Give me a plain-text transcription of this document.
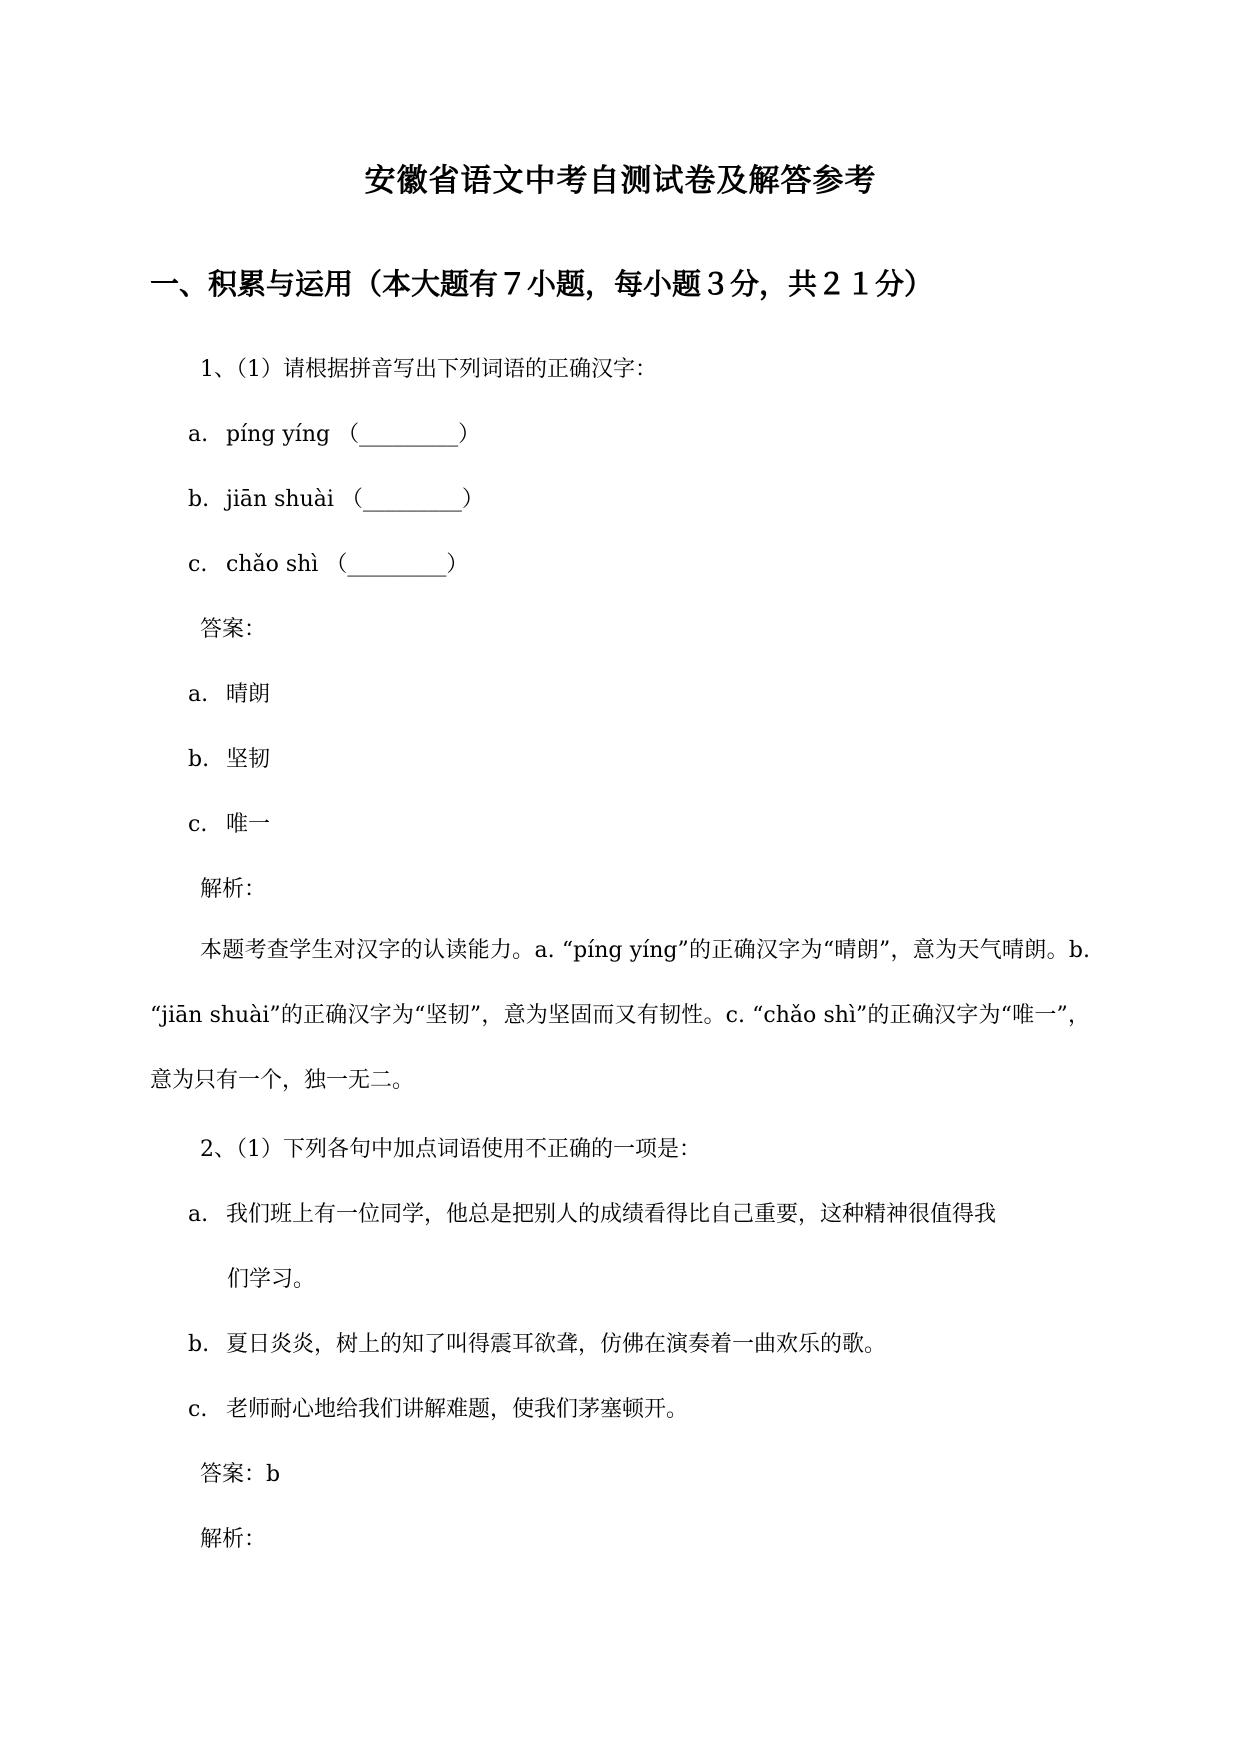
安徽省语文中考自测试卷及解答参考
一、积累与运用（本大题有７小题，每小题３分，共２１分）
1、（1）请根据拼音写出下列词语的正确汉字：
a. píng yíng （_________）
b. jiān shuài （_________）
c. chǎo shì （_________）
答案：
a. 晴朗
b. 坚韧
c. 唯一
解析：
本题考查学生对汉字的认读能力。a. “píng yíng”的正确汉字为“晴朗”，意为天气晴朗。b. “jiān shuài”的正确汉字为“坚韧”，意为坚固而又有韧性。c. “chǎo shì”的正确汉字为“唯一”，意为只有一个，独一无二。
2、（1）下列各句中加点词语使用不正确的一项是：
a. 我们班上有一位同学，他总是把别人的成绩看得比自己重要，这种精神很值得我
们学习。
b. 夏日炎炎，树上的知了叫得震耳欲聋，仿佛在演奏着一曲欢乐的歌。
c. 老师耐心地给我们讲解难题，使我们茅塞顿开。
答案：b
解析：
